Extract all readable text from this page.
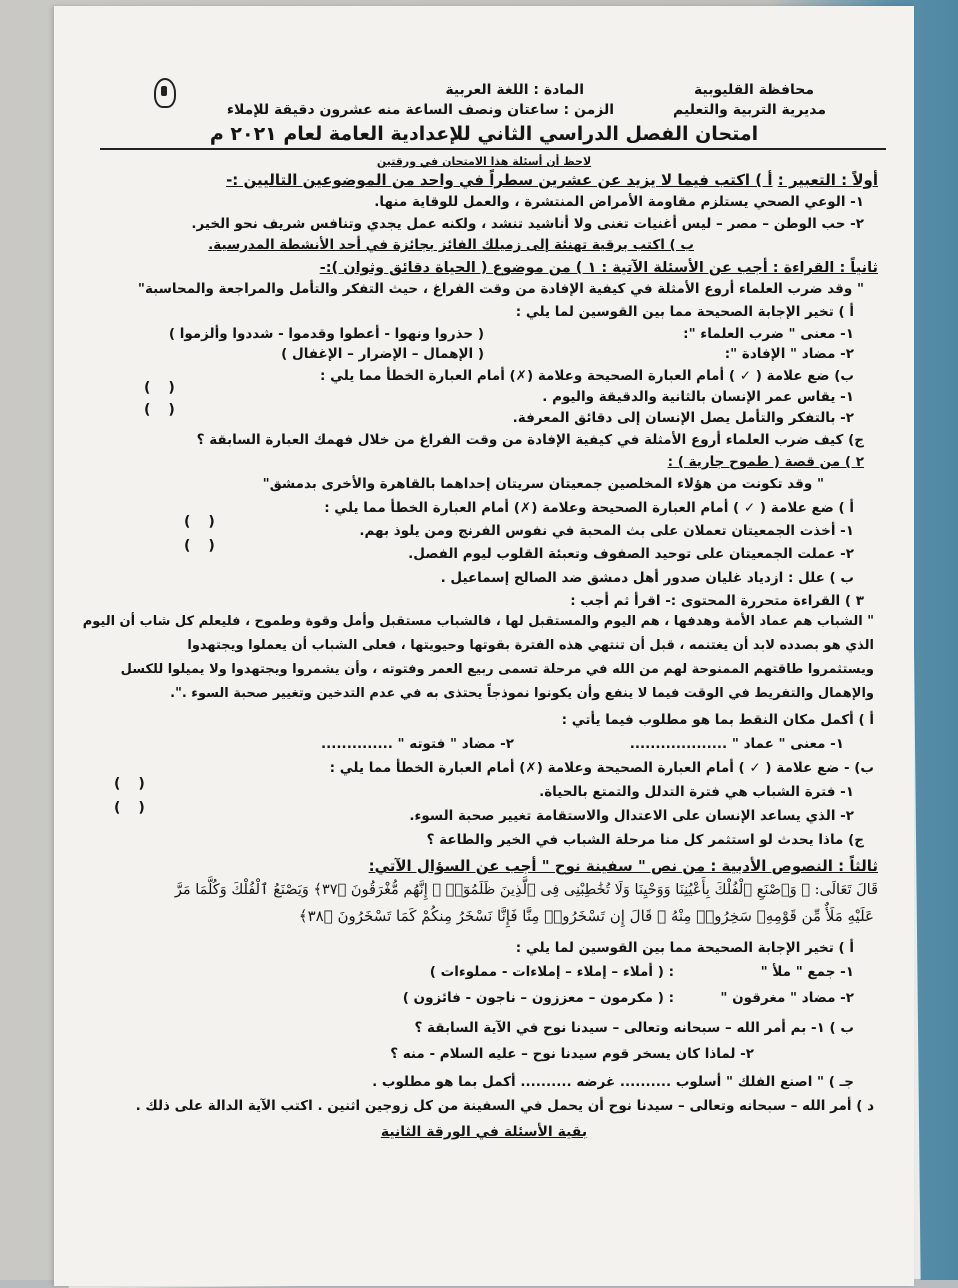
محافظة القليوبية
مديرية التربية والتعليم
المادة : اللغة العربية
الزمن : ساعتان ونصف الساعة منه عشرون دقيقة للإملاء
امتحان الفصل الدراسي الثاني للإعدادية العامة لعام ٢٠٢١ م
لاحظ أن أسئلة هذا الامتحان في ورقتين
أولاً : التعبير : أ ) اكتب فيما لا يزيد عن عشرين سطراً في واحد من الموضوعين التاليين :-
١- الوعي الصحي يستلزم مقاومة الأمراض المنتشرة ، والعمل للوقاية منها.
٢- حب الوطن – مصر – ليس أغنيات تغنى ولا أناشيد تنشد ، ولكنه عمل يجدي وتنافس شريف نحو الخير.
ب ) اكتب برقية تهنئة إلى زميلك الفائز بجائزة في أحد الأنشطة المدرسية.
ثانياً : القراءة : أجب عن الأسئلة الآتية : ١ ) من موضوع ( الحياة دقائق وثوان ):-
" وقد ضرب العلماء أروع الأمثلة في كيفية الإفادة من وقت الفراغ ، حيث التفكر والتأمل والمراجعة والمحاسبة"
أ ) تخير الإجابة الصحيحة مما بين القوسين لما يلي :
١- معنى " ضرب العلماء ":
( حذروا ونهوا - أعطوا وقدموا - شددوا وألزموا )
٢- مضاد " الإفادة ":
( الإهمال – الإضرار – الإغفال )
ب) ضع علامة ( ✓ ) أمام العبارة الصحيحة وعلامة (✗) أمام العبارة الخطأ مما يلي :
١- يقاس عمر الإنسان بالثانية والدقيقة واليوم .
()
٢- بالتفكر والتأمل يصل الإنسان إلى دقائق المعرفة.
()
ج) كيف ضرب العلماء أروع الأمثلة في كيفية الإفادة من وقت الفراغ من خلال فهمك العبارة السابقة ؟
٢ ) من قصة ( طموح جارية ) :
" وقد تكونت من هؤلاء المخلصين جمعيتان سريتان إحداهما بالقاهرة والأخرى بدمشق"
أ ) ضع علامة ( ✓ ) أمام العبارة الصحيحة وعلامة (✗) أمام العبارة الخطأ مما يلي :
١- أخذت الجمعيتان تعملان على بث المحبة في نفوس الفرنج ومن يلوذ بهم.
()
٢- عملت الجمعيتان على توحيد الصفوف وتعبئة القلوب ليوم الفصل.
()
ب ) علل : ازدياد غليان صدور أهل دمشق ضد الصالح إسماعيل .
٣ ) القراءة متحررة المحتوى :- اقرأ ثم أجب :
" الشباب هم عماد الأمة وهدفها ، هم اليوم والمستقبل لها ، فالشباب مستقبل وأمل وقوة وطموح ، فليعلم كل شاب أن اليوم
الذي هو بصدده لابد أن يغتنمه ، قبل أن تنتهي هذه الفترة بقوتها وحيويتها ، فعلى الشباب أن يعملوا ويجتهدوا
ويستثمروا طاقتهم الممنوحة لهم من الله في مرحلة تسمى ربيع العمر وفتوته ، وأن يشمروا ويجتهدوا ولا يميلوا للكسل
والإهمال والتفريط في الوقت فيما لا ينفع وأن يكونوا نموذجاً يحتذى به في عدم التدخين وتغيير صحبة السوء .".
أ ) أكمل مكان النقط بما هو مطلوب فيما يأتي :
١- معنى " عماد " ...................
٢- مضاد " فتوته " ..............
ب) - ضع علامة ( ✓ ) أمام العبارة الصحيحة وعلامة (✗) أمام العبارة الخطأ مما يلي :
١- فترة الشباب هي فترة التدلل والتمتع بالحياة.
()
٢- الذي يساعد الإنسان على الاعتدال والاستقامة تغيير صحبة السوء.
()
ج) ماذا يحدث لو استثمر كل منا مرحلة الشباب في الخير والطاعة ؟
ثالثاً : النصوص الأدبية : من نص " سفينة نوح " أجب عن السؤال الآتي:
قَالَ تَعَالَى: ﴿ وَٱصْنَعِ ٱلْفُلْكَ بِأَعْيُنِنَا وَوَحْيِنَا وَلَا تُخَٰطِبْنِى فِى ٱلَّذِينَ ظَلَمُوٓا۟ ۚ إِنَّهُم مُّغْرَقُونَ ﴿٣٧﴾ وَيَصْنَعُ ٱلْفُلْكَ وَكُلَّمَا مَرَّ
عَلَيْهِ مَلَأٌ مِّن قَوْمِهِۦ سَخِرُوا۟ مِنْهُ ۚ قَالَ إِن تَسْخَرُوا۟ مِنَّا فَإِنَّا نَسْخَرُ مِنكُمْ كَمَا تَسْخَرُونَ ﴿٣٨﴾
أ ) تخير الإجابة الصحيحة مما بين القوسين لما يلي :
١- جمع " ملأ "
: ( أملاء – إملاء – إملاءات - مملوءات )
٢- مضاد " مغرقون "
: ( مكرمون – معززون – ناجون - فائزون )
ب ) ١- بم أمر الله – سبحانه وتعالى – سيدنا نوح في الآية السابقة ؟
٢- لماذا كان يسخر قوم سيدنا نوح – عليه السلام - منه ؟
جـ ) " اصنع الفلك " أسلوب .......... غرضه .......... أكمل بما هو مطلوب .
د ) أمر الله – سبحانه وتعالى – سيدنا نوح أن يحمل في السفينة من كل زوجين اثنين . اكتب الآية الدالة على ذلك .
بقية الأسئلة في الورقة الثانية
